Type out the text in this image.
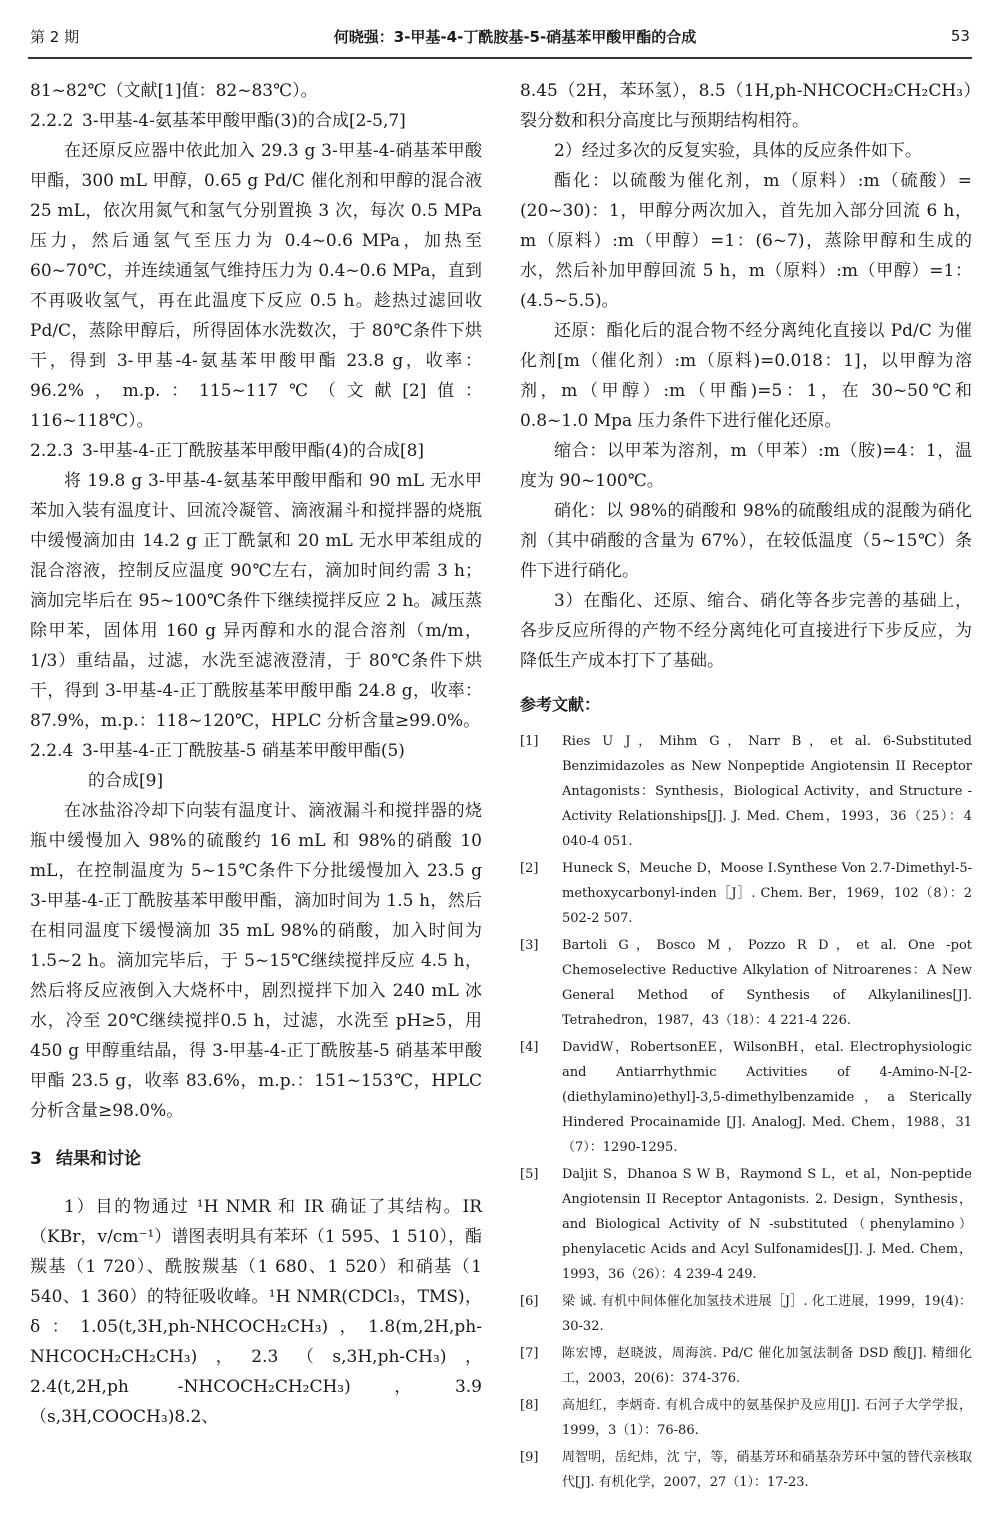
第 2 期	何晓强：3-甲基-4-丁酰胺基-5-硝基苯甲酸甲酯的合成	53

81~82℃（文献[1]值：82~83℃）。

2.2.2 3-甲基-4-氨基苯甲酸甲酯(3)的合成[2-5,7]

在还原反应器中依此加入 29.3 g 3-甲基-4-硝基苯甲酸甲酯，300 mL 甲醇，0.65 g Pd/C 催化剂和甲醇的混合液 25 mL，依次用氮气和氢气分别置换 3 次，每次 0.5 MPa 压力，然后通氢气至压力为 0.4~0.6 MPa，加热至 60~70℃，并连续通氢气维持压力为 0.4~0.6 MPa，直到不再吸收氢气，再在此温度下反应 0.5 h。趁热过滤回收 Pd/C，蒸除甲醇后，所得固体水洗数次，于 80℃条件下烘干，得到 3-甲基-4-氨基苯甲酸甲酯 23.8 g，收率：96.2%，m.p.：115~117℃（文献[2]值：116~118℃）。

2.2.3 3-甲基-4-正丁酰胺基苯甲酸甲酯(4)的合成[8]

将 19.8 g 3-甲基-4-氨基苯甲酸甲酯和 90 mL 无水甲苯加入装有温度计、回流冷凝管、滴液漏斗和搅拌器的烧瓶中缓慢滴加由 14.2 g 正丁酰氯和 20 mL 无水甲苯组成的混合溶液，控制反应温度 90℃左右，滴加时间约需 3 h；滴加完毕后在 95~100℃条件下继续搅拌反应 2 h。减压蒸除甲苯，固体用 160 g 异丙醇和水的混合溶剂（m/m，1/3）重结晶，过滤，水洗至滤液澄清，于 80℃条件下烘干，得到 3-甲基-4-正丁酰胺基苯甲酸甲酯 24.8 g，收率：87.9%，m.p.：118~120℃，HPLC 分析含量≥99.0%。

2.2.4 3-甲基-4-正丁酰胺基-5 硝基苯甲酸甲酯(5)

的合成[9]

在冰盐浴冷却下向装有温度计、滴液漏斗和搅拌器的烧瓶中缓慢加入 98%的硫酸约 16 mL 和 98%的硝酸 10 mL，在控制温度为 5~15℃条件下分批缓慢加入 23.5 g 3-甲基-4-正丁酰胺基苯甲酸甲酯，滴加时间为 1.5 h，然后在相同温度下缓慢滴加 35 mL 98%的硝酸，加入时间为 1.5~2 h。滴加完毕后，于 5~15℃继续搅拌反应 4.5 h，然后将反应液倒入大烧杯中，剧烈搅拌下加入 240 mL 冰水，冷至 20℃继续搅拌0.5 h，过滤，水洗至 pH≥5，用 450 g 甲醇重结晶，得 3-甲基-4-正丁酰胺基-5 硝基苯甲酸甲酯 23.5 g，收率 83.6%，m.p.：151~153℃，HPLC 分析含量≥98.0%。

3 结果和讨论

1）目的物通过 ¹H NMR 和 IR 确证了其结构。IR（KBr，v/cm⁻¹）谱图表明具有苯环（1 595、1 510），酯羰基（1 720）、酰胺羰基（1 680、1 520）和硝基（1 540、1 360）的特征吸收峰。¹H NMR(CDCl₃，TMS)，δ：1.05(t,3H,ph-NHCOCH₂CH₃)，1.8(m,2H,ph-NHCOCH₂CH₂CH₃)，2.3（s,3H,ph-CH₃)，2.4(t,2H,ph -NHCOCH₂CH₂CH₃)，3.9（s,3H,COOCH₃)8.2、

8.45（2H，苯环氢），8.5（1H,ph-NHCOCH₂CH₂CH₃）裂分数和积分高度比与预期结构相符。

2）经过多次的反复实验，具体的反应条件如下。

酯化：以硫酸为催化剂，m（原料）:m（硫酸）=(20~30)：1，甲醇分两次加入，首先加入部分回流 6 h，m（原料）:m（甲醇）=1：(6~7)，蒸除甲醇和生成的水，然后补加甲醇回流 5 h，m（原料）:m（甲醇）=1：(4.5~5.5)。

还原：酯化后的混合物不经分离纯化直接以 Pd/C 为催化剂[m（催化剂）:m（原料)=0.018：1]，以甲醇为溶剂，m（甲醇）:m（甲酯)=5：1，在 30~50℃和 0.8~1.0 Mpa 压力条件下进行催化还原。

缩合：以甲苯为溶剂，m（甲苯）:m（胺)=4：1，温度为 90~100℃。

硝化：以 98%的硝酸和 98%的硫酸组成的混酸为硝化剂（其中硝酸的含量为 67%），在较低温度（5~15℃）条件下进行硝化。

3）在酯化、还原、缩合、硝化等各步完善的基础上，各步反应所得的产物不经分离纯化可直接进行下步反应，为降低生产成本打下了基础。

参考文献：
[1]	Ries U J，Mihm G，Narr B，et al. 6-Substituted Benzimidazoles as New Nonpeptide Angiotensin II Receptor Antagonists：Synthesis，Biological Activity，and Structure -Activity Relationships[J]. J. Med. Chem，1993，36（25）：4 040-4 051.
[2]	Huneck S，Meuche D，Moose I.Synthese Von 2.7-Dimethyl-5-methoxycarbonyl-inden［J］. Chem. Ber，1969，102（8）：2 502-2 507.
[3]	Bartoli G，Bosco M，Pozzo R D，et al. One -pot Chemoselective Reductive Alkylation of Nitroarenes：A New General Method of Synthesis of Alkylanilines[J]. Tetrahedron，1987，43（18）：4 221-4 226.
[4]	DavidW，RobertsonEE，WilsonBH，etal. Electrophysiologic and Antiarrhythmic Activities of 4-Amino-N-[2-(diethylamino)ethyl]-3,5-dimethylbenzamide，a Sterically Hindered Procainamide [J]. AnalogJ. Med. Chem，1988，31（7）：1290-1295.
[5]	Daljit S，Dhanoa S W B，Raymond S L，et al，Non-peptide Angiotensin II Receptor Antagonists. 2. Design，Synthesis，and Biological Activity of N -substituted（phenylamino）phenylacetic Acids and Acyl Sulfonamides[J]. J. Med. Chem，1993，36（26）：4 239-4 249.
[6]	梁 诚. 有机中间体催化加氢技术进展［J］. 化工进展，1999，19(4)：30-32.
[7]	陈宏博，赵晓波，周海滨. Pd/C 催化加氢法制备 DSD 酸[J]. 精细化工，2003，20(6)：374-376.
[8]	高旭红，李炳奇. 有机合成中的氨基保护及应用[J]. 石河子大学学报，1999，3（1）：76-86.
[9]	周智明，岳纪炜，沈 宁，等，硝基芳环和硝基杂芳环中氢的替代亲核取代[J]. 有机化学，2007，27（1）：17-23.
